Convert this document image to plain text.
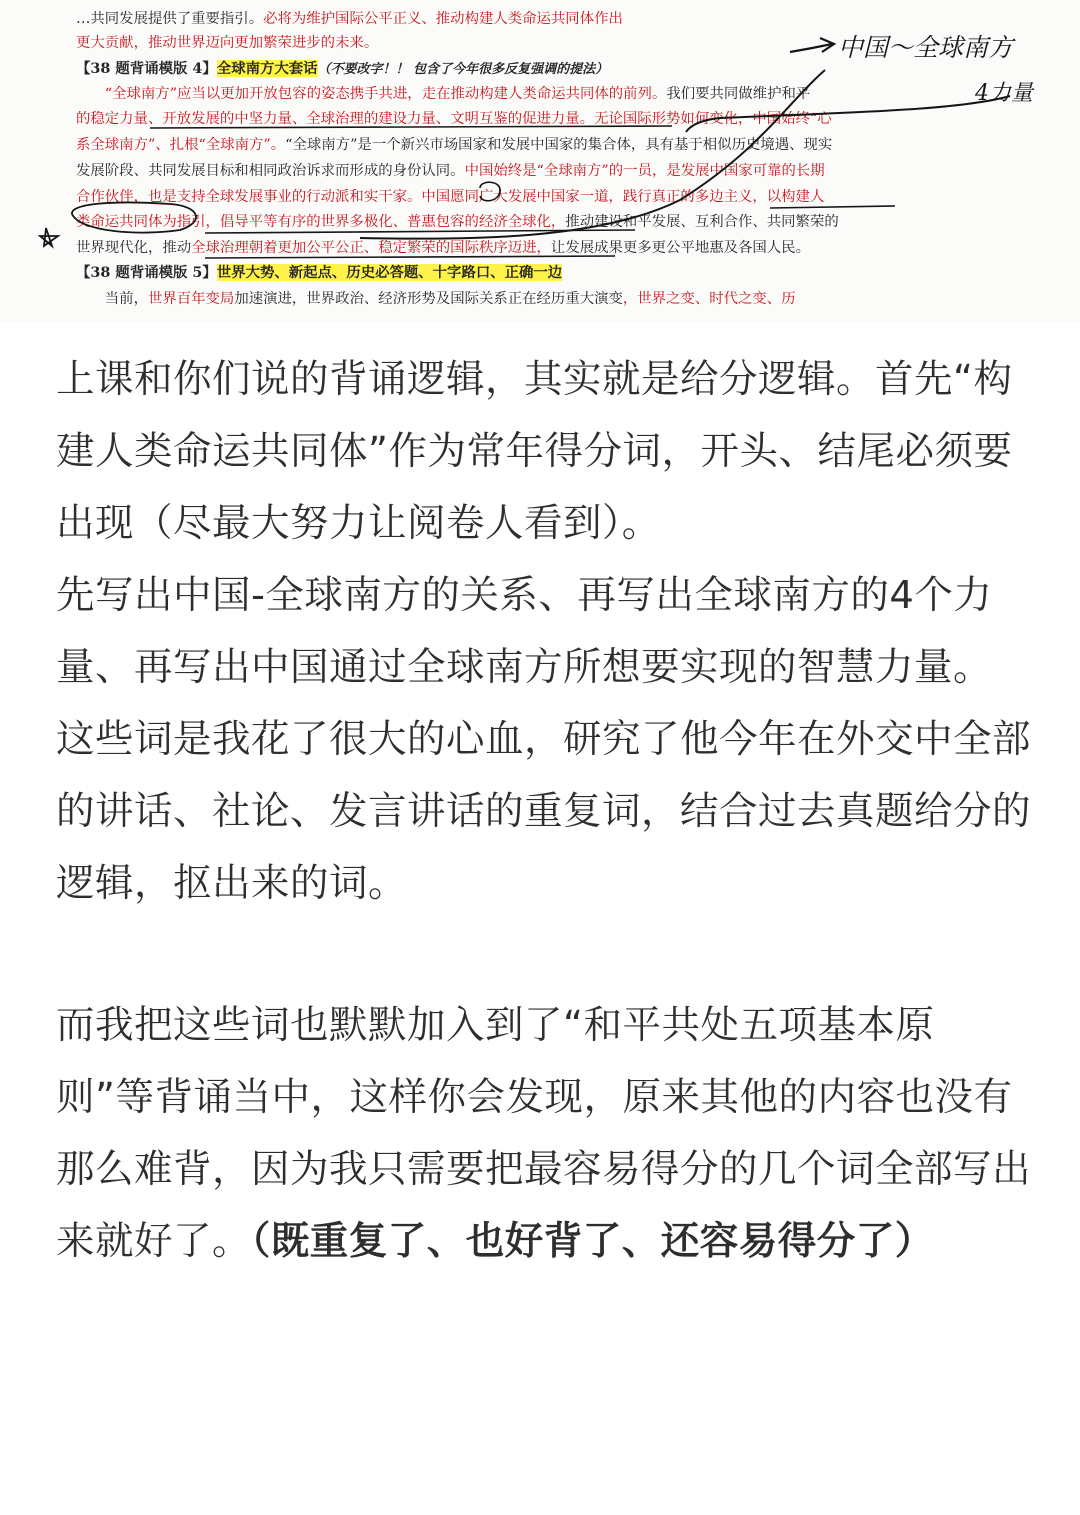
…共同发展提供了重要指引。必将为维护国际公平正义、推动构建人类命运共同体作出
更大贡献，推动世界迈向更加繁荣进步的未来。
【38 题背诵模版 4】全球南方大套话（不要改字！！ 包含了今年很多反复强调的提法）
　　“全球南方”应当以更加开放包容的姿态携手共进，走在推动构建人类命运共同体的前列。我们要共同做维护和平
的稳定力量、开放发展的中坚力量、全球治理的建设力量、文明互鉴的促进力量。无论国际形势如何变化，中国始终“心
系全球南方”、扎根“全球南方”。“全球南方”是一个新兴市场国家和发展中国家的集合体，具有基于相似历史境遇、现实
发展阶段、共同发展目标和相同政治诉求而形成的身份认同。中国始终是“全球南方”的一员，是发展中国家可靠的长期
合作伙伴，也是支持全球发展事业的行动派和实干家。中国愿同广大发展中国家一道，践行真正的多边主义，以构建人
类命运共同体为指引，倡导平等有序的世界多极化、普惠包容的经济全球化，推动建设和平发展、互利合作、共同繁荣的
世界现代化，推动全球治理朝着更加公平公正、稳定繁荣的国际秩序迈进，让发展成果更多更公平地惠及各国人民。
【38 题背诵模版 5】世界大势、新起点、历史必答题、十字路口、正确一边
　　当前，世界百年变局加速演进，世界政治、经济形势及国际关系正在经历重大演变，世界之变、时代之变、历
中国～全球南方
4力量

上课和你们说的背诵逻辑，其实就是给分逻辑。首先“构建人类命运共同体”作为常年得分词，开头、结尾必须要出现（尽最大努力让阅卷人看到）。

先写出中国-全球南方的关系、再写出全球南方的4个力量、再写出中国通过全球南方所想要实现的智慧力量。

这些词是我花了很大的心血，研究了他今年在外交中全部的讲话、社论、发言讲话的重复词，结合过去真题给分的逻辑，抠出来的词。

而我把这些词也默默加入到了“和平共处五项基本原则”等背诵当中，这样你会发现，原来其他的内容也没有那么难背，因为我只需要把最容易得分的几个词全部写出来就好了。（既重复了、也好背了、还容易得分了）
